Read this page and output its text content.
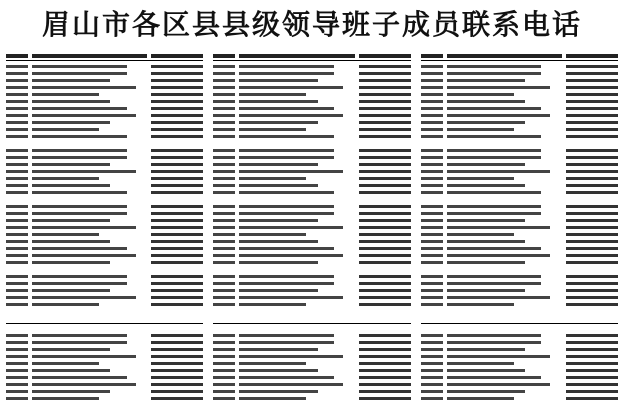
眉山市各区县县级领导班子成员联系电话
